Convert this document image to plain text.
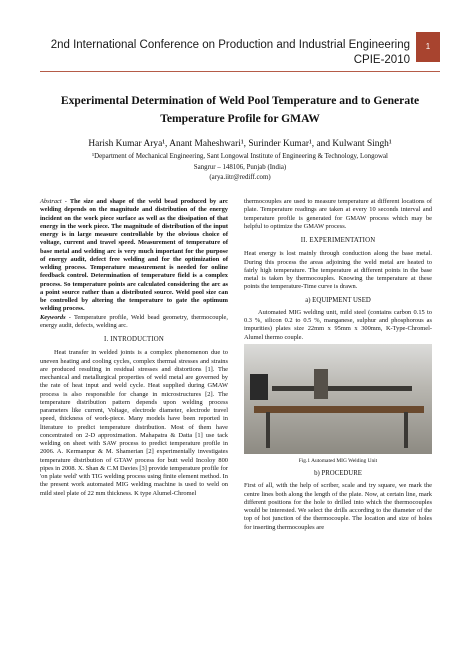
2nd International Conference on Production and Industrial Engineering
CPIE-2010
1
Experimental Determination of Weld Pool Temperature and to Generate
Temperature Profile for GMAW
Harish Kumar Arya¹, Anant Maheshwari¹, Surinder Kumar¹, and Kulwant Singh¹
¹Department of Mechanical Engineering, Sant Longowal Institute of Engineering & Technology, Longowal
Sangrur – 148106, Punjab (India)
(arya.iitr@rediff.com)

Abstract - The size and shape of the weld bead produced by arc welding depends on the magnitude and distribution of the energy incident on the work piece surface as well as the dissipation of that energy in the work piece. The magnitude of distribution of the input energy is in large measure controllable by the obvious choice of voltage, current and travel speed. Measurement of temperature of base metal and welding arc is very much important for the purpose of energy audit, defect free welding and for the optimization of welding process. Temperature measurement is needed for online feedback control. Determination of temperature field is a complex process. So temperature points are calculated considering the arc as a point source rather than a distributed source. Weld pool size can be controlled by altering the temperature to gate the optimum welding process.

Keywords - Temperature profile, Weld bead geometry, thermocouple, energy audit, defects, welding arc.

I. INTRODUCTION

Heat transfer in welded joints is a complex phenomenon due to uneven heating and cooling cycles, complex thermal stresses and strains are produced resulting in residual stresses and distortions [1]. The mechanical and metallurgical properties of weld metal are governed by the rate of heat input and weld cycle. Heat supplied during GMAW process is also responsible for change in microstructures [2]. The temperature distribution pattern depends upon welding process parameters like current, Voltage, electrode diameter, electrode travel speed, thickness of work-piece. Many models have been reported in literature to predict temperature distribution. Most of them have concentrated on 2-D approximation. Mahapatra & Datta [1] use tack welding on sheet with SAW process to predict temperature profile in 2006. A. Kermanpur & M. Shamerian [2] experimentally investigates temperature distribution of GTAW process for butt weld Incoloy 800 pipes in 2008. X. Shan & C.M Davies [3] provide temperature profile for 'on plate weld' with TIG welding process using finite element method. In the present work automated MIG welding machine is used to weld on mild steel plate of 22 mm thickness. K type Alumel-Chromel

thermocouples are used to measure temperature at different locations of plate. Temperature readings are taken at every 10 seconds interval and temperature profile is generated for GMAW process which may be helpful to optimize the GMAW process.

II. EXPERIMENTATION

Heat energy is lost mainly through conduction along the base metal. During this process the areas adjoining the weld metal are heated to fairly high temperature. The temperature at different points in the base metal is taken by thermocouples. Knowing the temperature at these points the temperature-Time curve is drawn.

a) EQUIPMENT USED

Automated MIG welding unit, mild steel (contains carbon 0.15 to 0.3 %, silicon 0.2 to 0.5 %, manganese, sulphur and phosphorous as impurities) plates size 22mm x 95mm x 300mm, K-Type-Chromel-Alumel thermo couple.

Fig.1 Automated MIG Welding Unit
b) PROCEDURE

First of all, with the help of scriber, scale and try square, we mark the centre lines both along the length of the plate. Now, at certain line, mark different positions for the hole to drilled into which the thermocouples would be interested. We select the drills according to the diameter of the top of hot junction of the thermocouple. The location and size of holes for inserting thermocouples are
